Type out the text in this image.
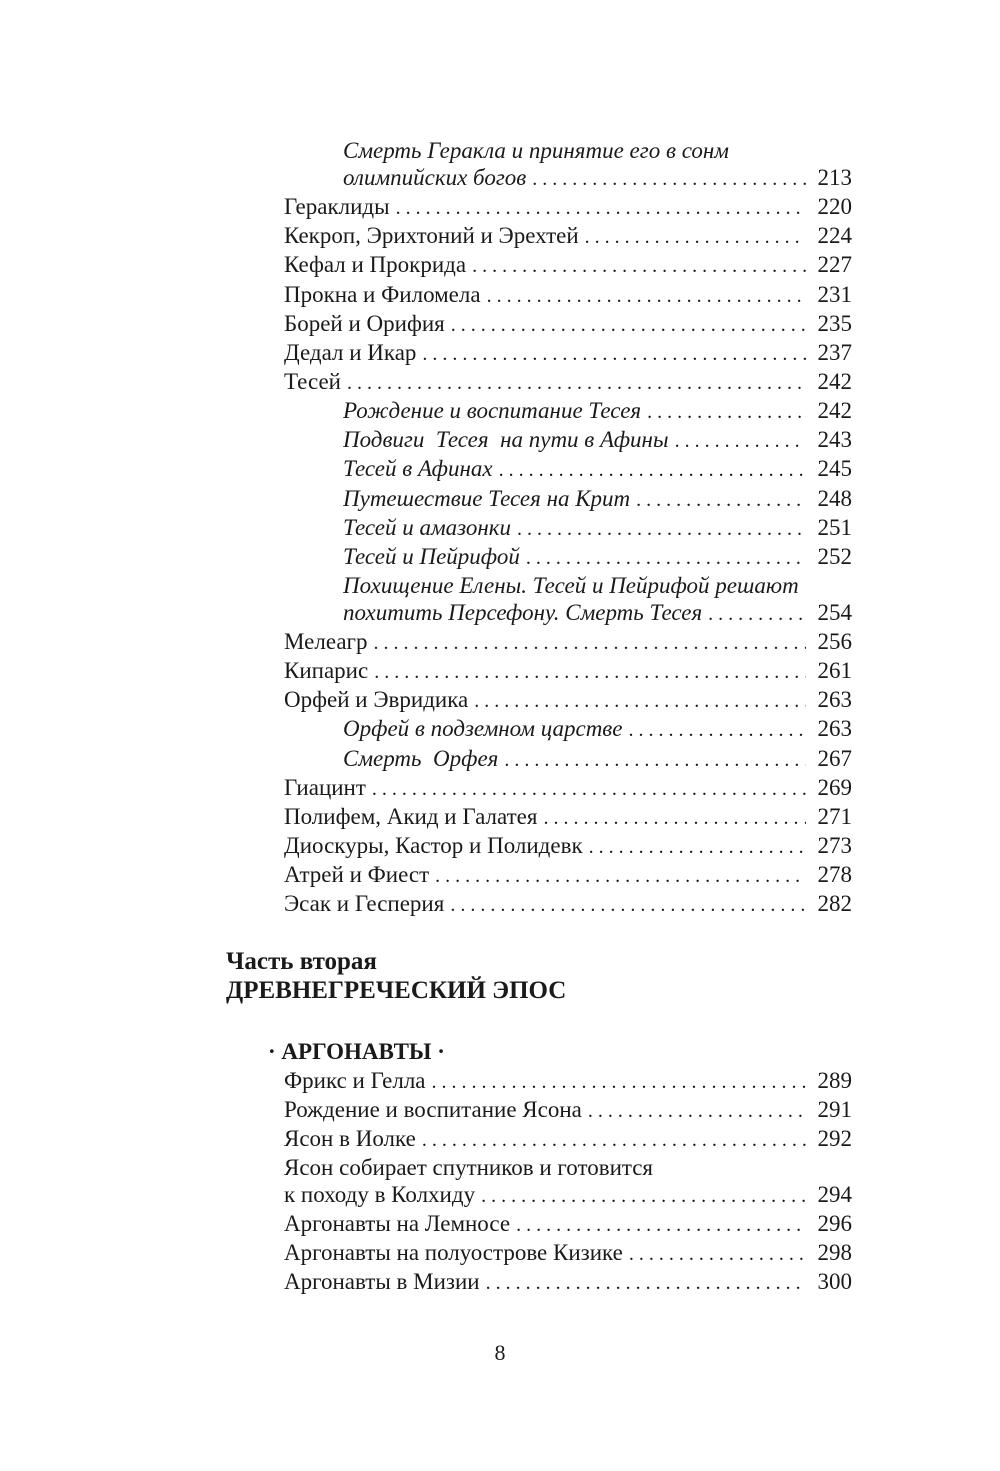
Смерть Геракла и принятие его в сонм
олимпийских богов . . .	213
Гераклиды . . .	220
Кекроп, Эрихтоний и Эрехтей . . .	224
Кефал и Прокрида . . .	227
Прокна и Филомела . . .	231
Борей и Орифия . . .	235
Дедал и Икар . . .	237
Тесей . . .	242
Рождение и воспитание Тесея . . .	242
Подвиги  Тесея  на пути в Афины . . .	243
Тесей в Афинах . . .	245
Путешествие Тесея на Крит . . .	248
Тесей и амазонки . . .	251
Тесей и Пейрифой . . .	252
Похищение Елены. Тесей и Пейрифой решают
похитить Персефону. Смерть Тесея . . .	254
Мелеагр . . .	256
Кипарис . . .	261
Орфей и Эвридика . . .	263
Орфей в подземном царстве . . .	263
Смерть  Орфея . . .	267
Гиацинт . . .	269
Полифем, Акид и Галатея . . .	271
Диоскуры, Кастор и Полидевк . . .	273
Атрей и Фиест . . .	278
Эсак и Гесперия . . .	282
Часть вторая
ДРЕВНЕГРЕЧЕСКИЙ ЭПОС
· АРГОНАВТЫ ·
Фрикс и Гелла . . .	289
Рождение и воспитание Ясона . . .	291
Ясон в Иолке . . .	292
Ясон собирает спутников и готовится
к походу в Колхиду . . .	294
Аргонавты на Лемносе . . .	296
Аргонавты на полуострове Кизике . . .	298
Аргонавты в Мизии . . .	300
8
